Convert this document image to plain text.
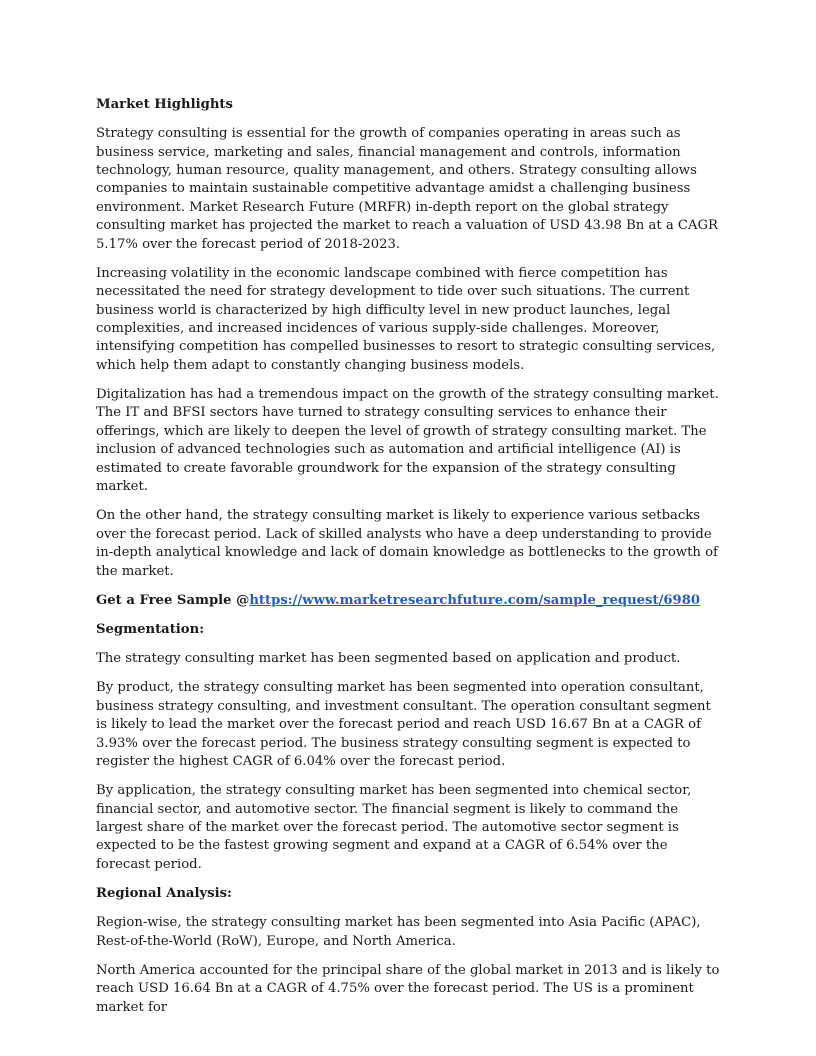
Market Highlights

Strategy consulting is essential for the growth of companies operating in areas such as business service, marketing and sales, financial management and controls, information technology, human resource, quality management, and others. Strategy consulting allows companies to maintain sustainable competitive advantage amidst a challenging business environment. Market Research Future (MRFR) in-depth report on the global strategy consulting market has projected the market to reach a valuation of USD 43.98 Bn at a CAGR 5.17% over the forecast period of 2018-2023.

Increasing volatility in the economic landscape combined with fierce competition has necessitated the need for strategy development to tide over such situations. The current business world is characterized by high difficulty level in new product launches, legal complexities, and increased incidences of various supply-side challenges. Moreover, intensifying competition has compelled businesses to resort to strategic consulting services, which help them adapt to constantly changing business models.

Digitalization has had a tremendous impact on the growth of the strategy consulting market. The IT and BFSI sectors have turned to strategy consulting services to enhance their offerings, which are likely to deepen the level of growth of strategy consulting market. The inclusion of advanced technologies such as automation and artificial intelligence (AI) is estimated to create favorable groundwork for the expansion of the strategy consulting market.

On the other hand, the strategy consulting market is likely to experience various setbacks over the forecast period. Lack of skilled analysts who have a deep understanding to provide in-depth analytical knowledge and lack of domain knowledge as bottlenecks to the growth of the market.

Get a Free Sample @https://www.marketresearchfuture.com/sample_request/6980

Segmentation:

The strategy consulting market has been segmented based on application and product.

By product, the strategy consulting market has been segmented into operation consultant, business strategy consulting, and investment consultant. The operation consultant segment is likely to lead the market over the forecast period and reach USD 16.67 Bn at a CAGR of 3.93% over the forecast period. The business strategy consulting segment is expected to register the highest CAGR of 6.04% over the forecast period.

By application, the strategy consulting market has been segmented into chemical sector, financial sector, and automotive sector. The financial segment is likely to command the largest share of the market over the forecast period. The automotive sector segment is expected to be the fastest growing segment and expand at a CAGR of 6.54% over the forecast period.

Regional Analysis:

Region-wise, the strategy consulting market has been segmented into Asia Pacific (APAC), Rest-of-the-World (RoW), Europe, and North America.

North America accounted for the principal share of the global market in 2013 and is likely to reach USD 16.64 Bn at a CAGR of 4.75% over the forecast period. The US is a prominent market for
